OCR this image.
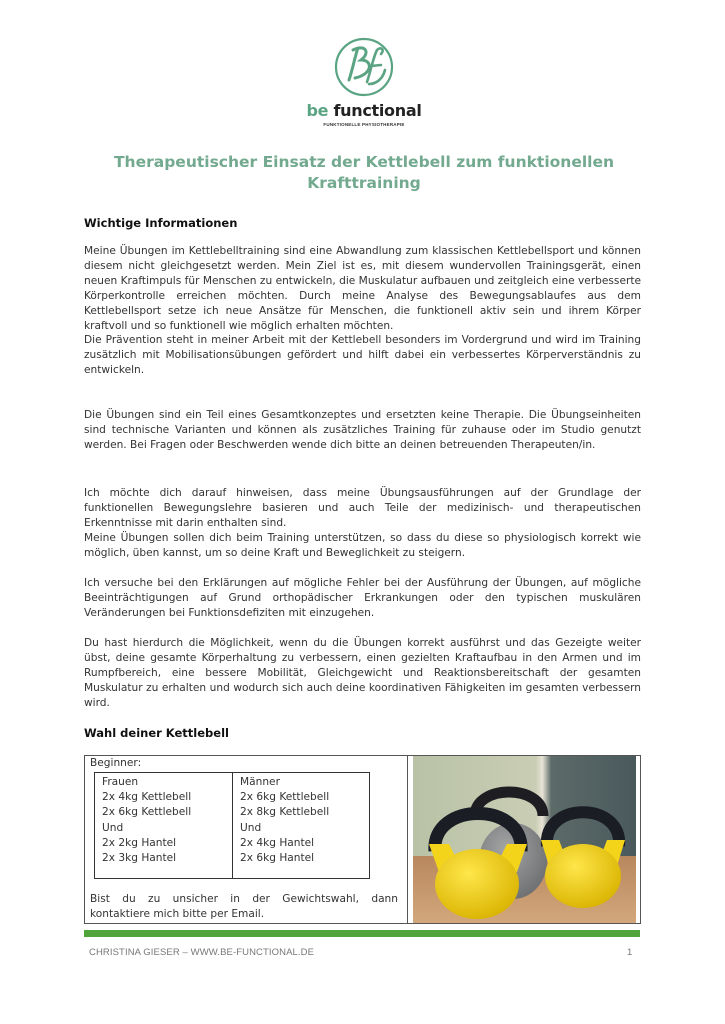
be functional
FUNKTIONELLE PHYSIOTHERAPIE
Therapeutischer Einsatz der Kettlebell zum funktionellen Krafttraining
Wichtige Informationen

Meine Übungen im Kettlebelltraining sind eine Abwandlung zum klassischen Kettlebellsport und können diesem nicht gleichgesetzt werden. Mein Ziel ist es, mit diesem wundervollen Trainingsgerät, einen neuen Kraftimpuls für Menschen zu entwickeln, die Muskulatur aufbauen und zeitgleich eine verbesserte Körperkontrolle erreichen möchten. Durch meine Analyse des Bewegungsablaufes aus dem Kettlebellsport setze ich neue Ansätze für Menschen, die funktionell aktiv sein und ihrem Körper kraftvoll und so funktionell wie möglich erhalten möchten.

Die Prävention steht in meiner Arbeit mit der Kettlebell besonders im Vordergrund und wird im Training zusätzlich mit Mobilisationsübungen gefördert und hilft dabei ein verbessertes Körperverständnis zu entwickeln.

Die Übungen sind ein Teil eines Gesamtkonzeptes und ersetzten keine Therapie. Die Übungseinheiten sind technische Varianten und können als zusätzliches Training für zuhause oder im Studio genutzt werden. Bei Fragen oder Beschwerden wende dich bitte an deinen betreuenden Therapeuten/in.

Ich möchte dich darauf hinweisen, dass meine Übungsausführungen auf der Grundlage der funktionellen Bewegungslehre basieren und auch Teile der medizinisch- und therapeutischen Erkenntnisse mit darin enthalten sind.

Meine Übungen sollen dich beim Training unterstützen, so dass du diese so physiologisch korrekt wie möglich, üben kannst, um so deine Kraft und Beweglichkeit zu steigern.

Ich versuche bei den Erklärungen auf mögliche Fehler bei der Ausführung der Übungen, auf mögliche Beeinträchtigungen auf Grund orthopädischer Erkrankungen oder den typischen muskulären Veränderungen bei Funktionsdefiziten mit einzugehen.

Du hast hierdurch die Möglichkeit, wenn du die Übungen korrekt ausführst und das Gezeigte weiter übst, deine gesamte Körperhaltung zu verbessern, einen gezielten Kraftaufbau in den Armen und im Rumpfbereich, eine bessere Mobilität, Gleichgewicht und Reaktionsbereitschaft der gesamten Muskulatur zu erhalten und wodurch sich auch deine koordinativen Fähigkeiten im gesamten verbessern wird.

Wahl deiner Kettlebell
Beginner:
Frauen
2x 4kg Kettlebell
2x 6kg Kettlebell
Und
2x 2kg Hantel
2x 3kg Hantel
Männer
2x 6kg Kettlebell
2x 8kg Kettlebell
Und
2x 4kg Hantel
2x 6kg Hantel
Bist du zu unsicher in der Gewichtswahl, dann kontaktiere mich bitte per Email.
CHRISTINA GIESER – WWW.BE-FUNCTIONAL.DE	1
